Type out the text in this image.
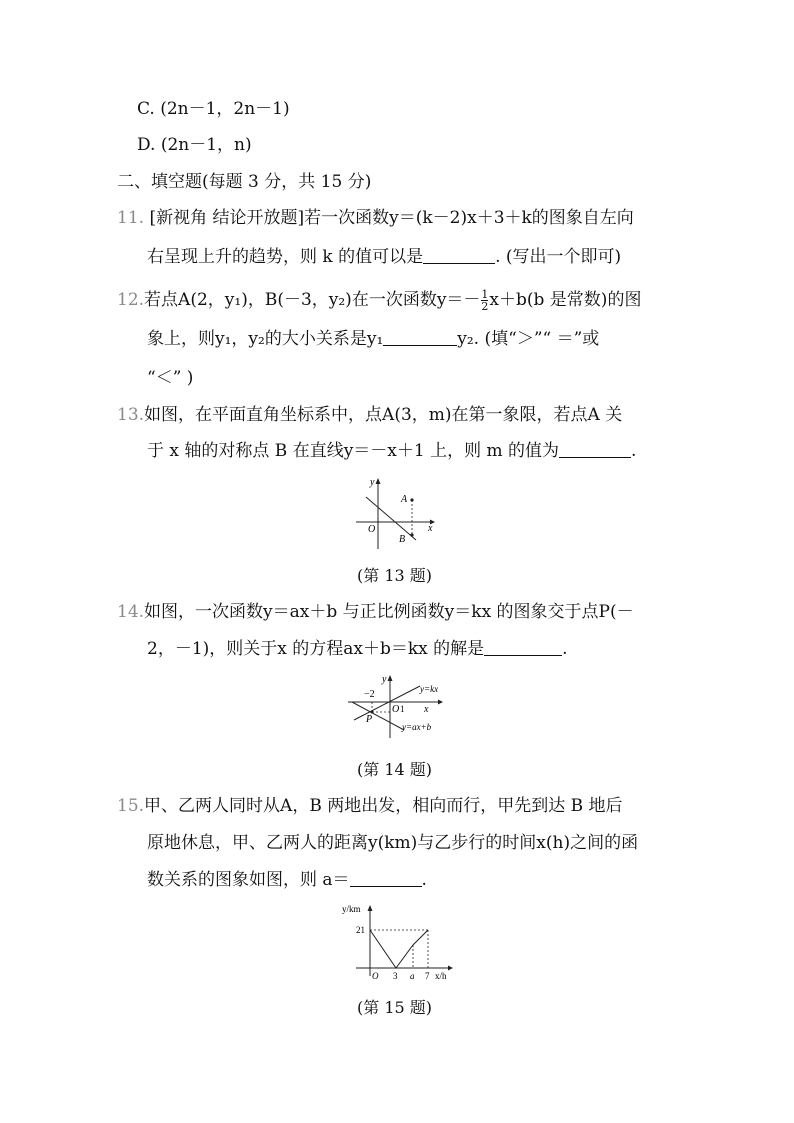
C. (2n－1，2n－1)
D. (2n－1，n)
二、填空题(每题 3 分，共 15 分)
11. [新视角 结论开放题]若一次函数y＝(k－2)x＋3＋k的图象自左向
右呈现上升的趋势，则 k 的值可以是	. (写出一个即可)
12.若点A(2，y₁)，B(－3，y₂)在一次函数$y=- \frac{1}{2} x+b(b$ 是常数)的图
象上，则y₁，y₂的大小关系是y₁	y₂. (填“＞”“ ＝”或
“＜” )
13.如图，在平面直角坐标系中，点A(3，m)在第一象限，若点A 关
于 x 轴的对称点 B 在直线y＝－x＋1 上，则 m 的值为	.
y
x
O
A
B
(第 13 题)
14.如图，一次函数y＝ax＋b 与正比例函数y＝kx 的图象交于点P(－
2，－1)，则关于x 的方程ax＋b＝kx 的解是	.
y
x
−2
O 1
P
y=kx
y=ax+b
(第 14 题)
15.甲、乙两人同时从A，B 两地出发，相向而行，甲先到达 B 地后
原地休息，甲、乙两人的距离y(km)与乙步行的时间x(h)之间的函
数关系的图象如图，则 a＝	.
y/km
21
O 3 a 7 x/h
(第 15 题)
